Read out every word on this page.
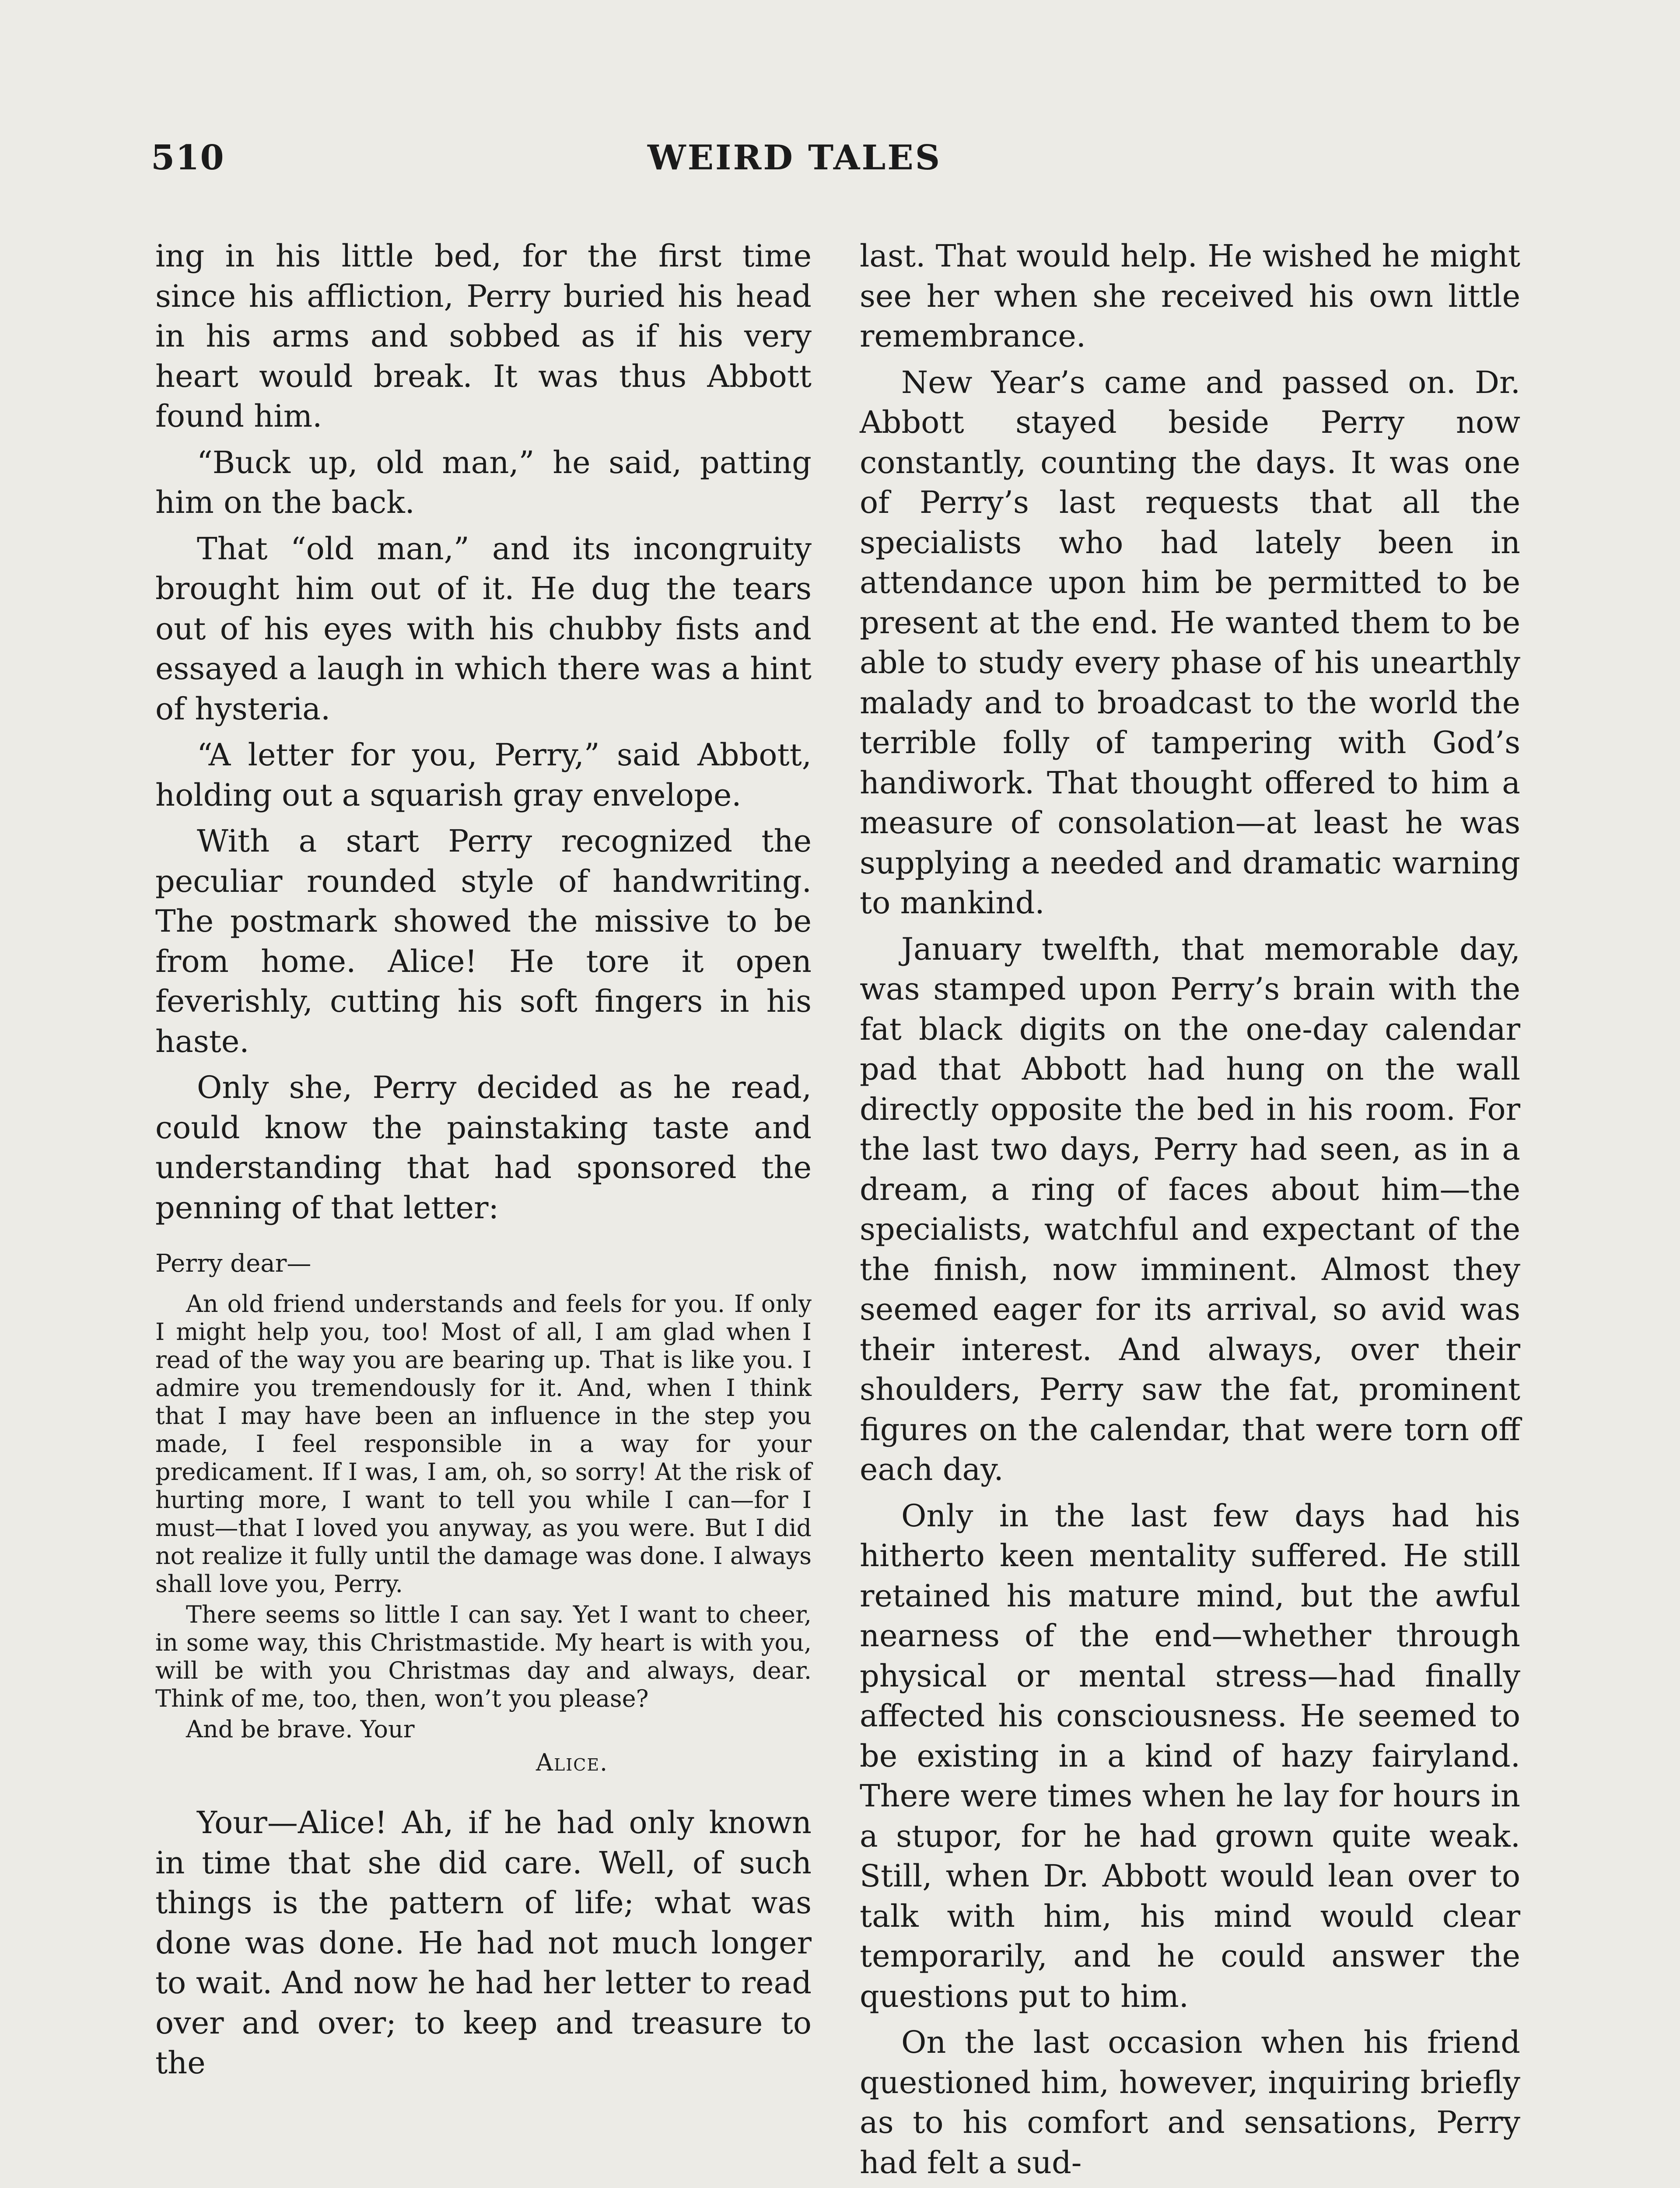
510	WEIRD TALES

ing in his little bed, for the first time since his affliction, Perry buried his head in his arms and sobbed as if his very heart would break. It was thus Abbott found him.

“Buck up, old man,” he said, patting him on the back.

That “old man,” and its incongruity brought him out of it. He dug the tears out of his eyes with his chubby fists and essayed a laugh in which there was a hint of hysteria.

“A letter for you, Perry,” said Abbott, holding out a squarish gray envelope.

With a start Perry recognized the peculiar rounded style of handwriting. The postmark showed the missive to be from home. Alice! He tore it open feverishly, cutting his soft fingers in his haste.

Only she, Perry decided as he read, could know the painstaking taste and understanding that had sponsored the penning of that letter:

Perry dear—

An old friend understands and feels for you. If only I might help you, too! Most of all, I am glad when I read of the way you are bearing up. That is like you. I admire you tremendously for it. And, when I think that I may have been an influence in the step you made, I feel responsible in a way for your predicament. If I was, I am, oh, so sorry! At the risk of hurting more, I want to tell you while I can—for I must—that I loved you anyway, as you were. But I did not realize it fully until the damage was done. I always shall love you, Perry.

There seems so little I can say. Yet I want to cheer, in some way, this Christmastide. My heart is with you, will be with you Christmas day and always, dear. Think of me, too, then, won’t you please?

And be brave. Your

Alice.

Your—Alice! Ah, if he had only known in time that she did care. Well, of such things is the pattern of life; what was done was done. He had not much longer to wait. And now he had her letter to read over and over; to keep and treasure to the

last. That would help. He wished he might see her when she received his own little remembrance.

New Year’s came and passed on. Dr. Abbott stayed beside Perry now constantly, counting the days. It was one of Perry’s last requests that all the specialists who had lately been in attendance upon him be permitted to be present at the end. He wanted them to be able to study every phase of his unearthly malady and to broadcast to the world the terrible folly of tampering with God’s handiwork. That thought offered to him a measure of consolation—at least he was supplying a needed and dramatic warning to mankind.

January twelfth, that memorable day, was stamped upon Perry’s brain with the fat black digits on the one-day calendar pad that Abbott had hung on the wall directly opposite the bed in his room. For the last two days, Perry had seen, as in a dream, a ring of faces about him—the specialists, watchful and expectant of the the finish, now imminent. Almost they seemed eager for its arrival, so avid was their interest. And always, over their shoulders, Perry saw the fat, prominent figures on the calendar, that were torn off each day.

Only in the last few days had his hitherto keen mentality suffered. He still retained his mature mind, but the awful nearness of the end—whether through physical or mental stress—had finally affected his consciousness. He seemed to be existing in a kind of hazy fairyland. There were times when he lay for hours in a stupor, for he had grown quite weak. Still, when Dr. Abbott would lean over to talk with him, his mind would clear temporarily, and he could answer the questions put to him.

On the last occasion when his friend questioned him, however, inquiring briefly as to his comfort and sensations, Perry had felt a sud-
